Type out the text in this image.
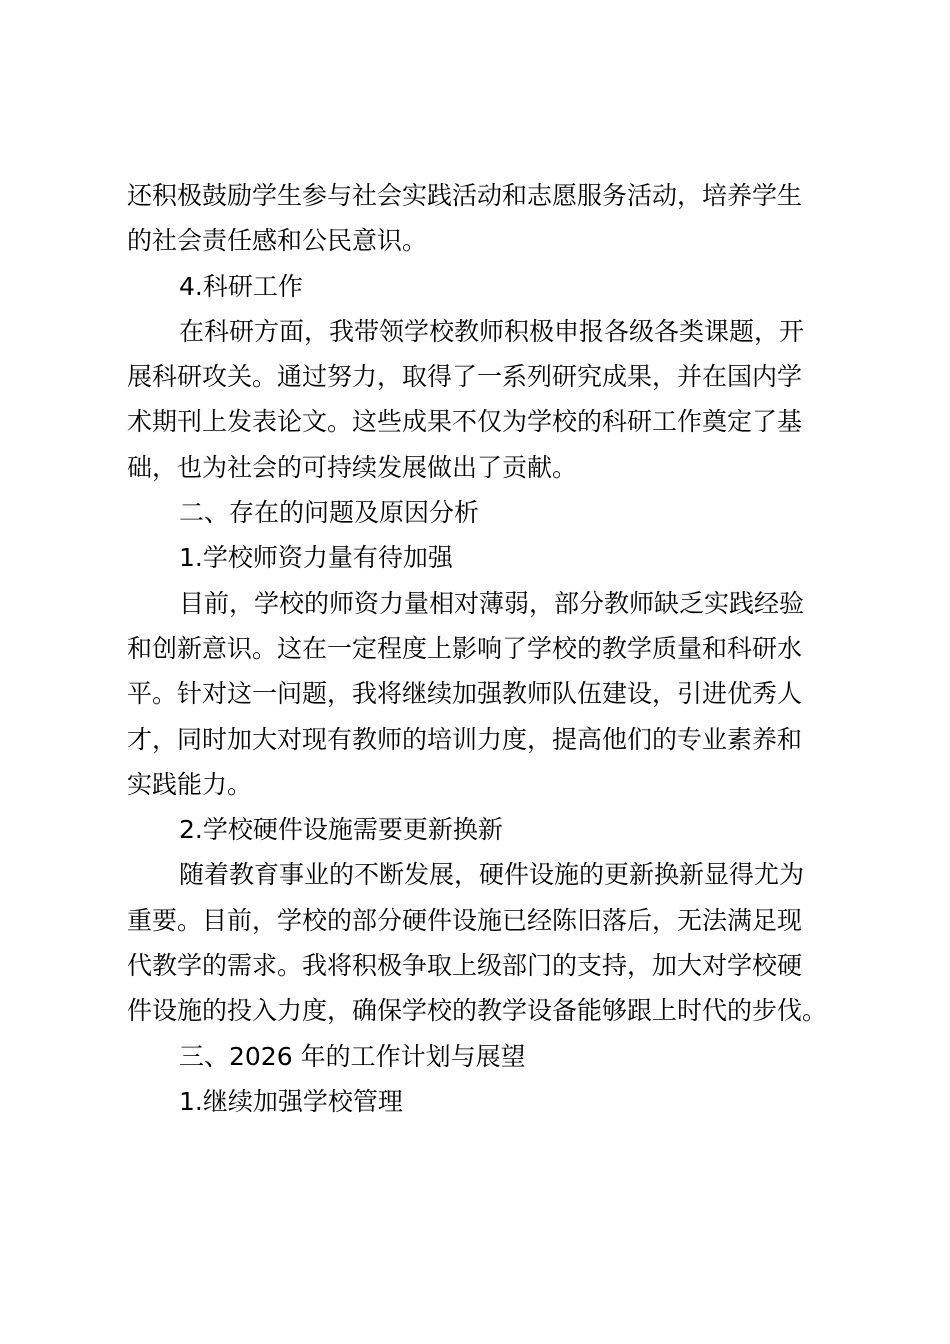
还积极鼓励学生参与社会实践活动和志愿服务活动，培养学生
的社会责任感和公民意识。
4.科研工作
在科研方面，我带领学校教师积极申报各级各类课题，开
展科研攻关。通过努力，取得了一系列研究成果，并在国内学
术期刊上发表论文。这些成果不仅为学校的科研工作奠定了基
础，也为社会的可持续发展做出了贡献。
二、存在的问题及原因分析
1.学校师资力量有待加强
目前，学校的师资力量相对薄弱，部分教师缺乏实践经验
和创新意识。这在一定程度上影响了学校的教学质量和科研水
平。针对这一问题，我将继续加强教师队伍建设，引进优秀人
才，同时加大对现有教师的培训力度，提高他们的专业素养和
实践能力。
2.学校硬件设施需要更新换新
随着教育事业的不断发展，硬件设施的更新换新显得尤为
重要。目前，学校的部分硬件设施已经陈旧落后，无法满足现
代教学的需求。我将积极争取上级部门的支持，加大对学校硬
件设施的投入力度，确保学校的教学设备能够跟上时代的步伐。
三、2026 年的工作计划与展望
1.继续加强学校管理
